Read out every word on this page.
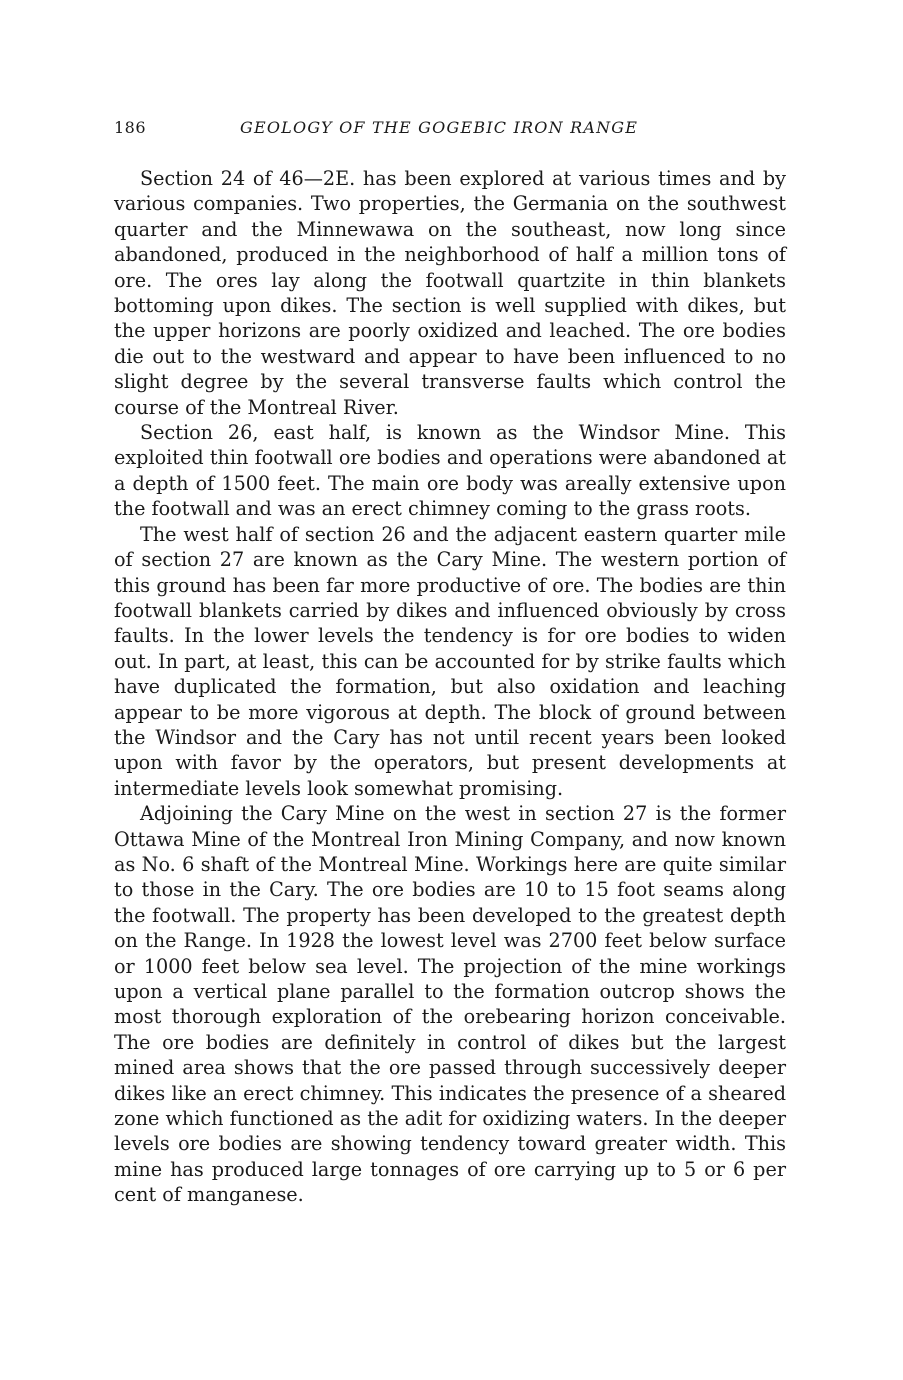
186	GEOLOGY OF THE GOGEBIC IRON RANGE

Section 24 of 46—2E. has been explored at various times and by various companies. Two properties, the Germania on the southwest quarter and the Minnewawa on the southeast, now long since abandoned, produced in the neighborhood of half a million tons of ore. The ores lay along the footwall quartzite in thin blankets bottoming upon dikes. The section is well supplied with dikes, but the upper horizons are poorly oxidized and leached. The ore bodies die out to the westward and appear to have been influenced to no slight degree by the several transverse faults which control the course of the Montreal River.

Section 26, east half, is known as the Windsor Mine. This exploited thin footwall ore bodies and operations were abandoned at a depth of 1500 feet. The main ore body was areally extensive upon the footwall and was an erect chimney coming to the grass roots.

The west half of section 26 and the adjacent eastern quarter mile of section 27 are known as the Cary Mine. The western portion of this ground has been far more productive of ore. The bodies are thin footwall blankets carried by dikes and influenced obviously by cross faults. In the lower levels the tendency is for ore bodies to widen out. In part, at least, this can be accounted for by strike faults which have duplicated the formation, but also oxidation and leaching appear to be more vigorous at depth. The block of ground between the Windsor and the Cary has not until recent years been looked upon with favor by the operators, but present developments at intermediate levels look somewhat promising.

Adjoining the Cary Mine on the west in section 27 is the former Ottawa Mine of the Montreal Iron Mining Company, and now known as No. 6 shaft of the Montreal Mine. Workings here are quite similar to those in the Cary. The ore bodies are 10 to 15 foot seams along the footwall. The property has been developed to the greatest depth on the Range. In 1928 the lowest level was 2700 feet below surface or 1000 feet below sea level. The projection of the mine workings upon a vertical plane parallel to the formation outcrop shows the most thorough exploration of the orebearing horizon conceivable. The ore bodies are definitely in control of dikes but the largest mined area shows that the ore passed through successively deeper dikes like an erect chimney. This indicates the presence of a sheared zone which functioned as the adit for oxidizing waters. In the deeper levels ore bodies are showing tendency toward greater width. This mine has produced large tonnages of ore carrying up to 5 or 6 per cent of manganese.
